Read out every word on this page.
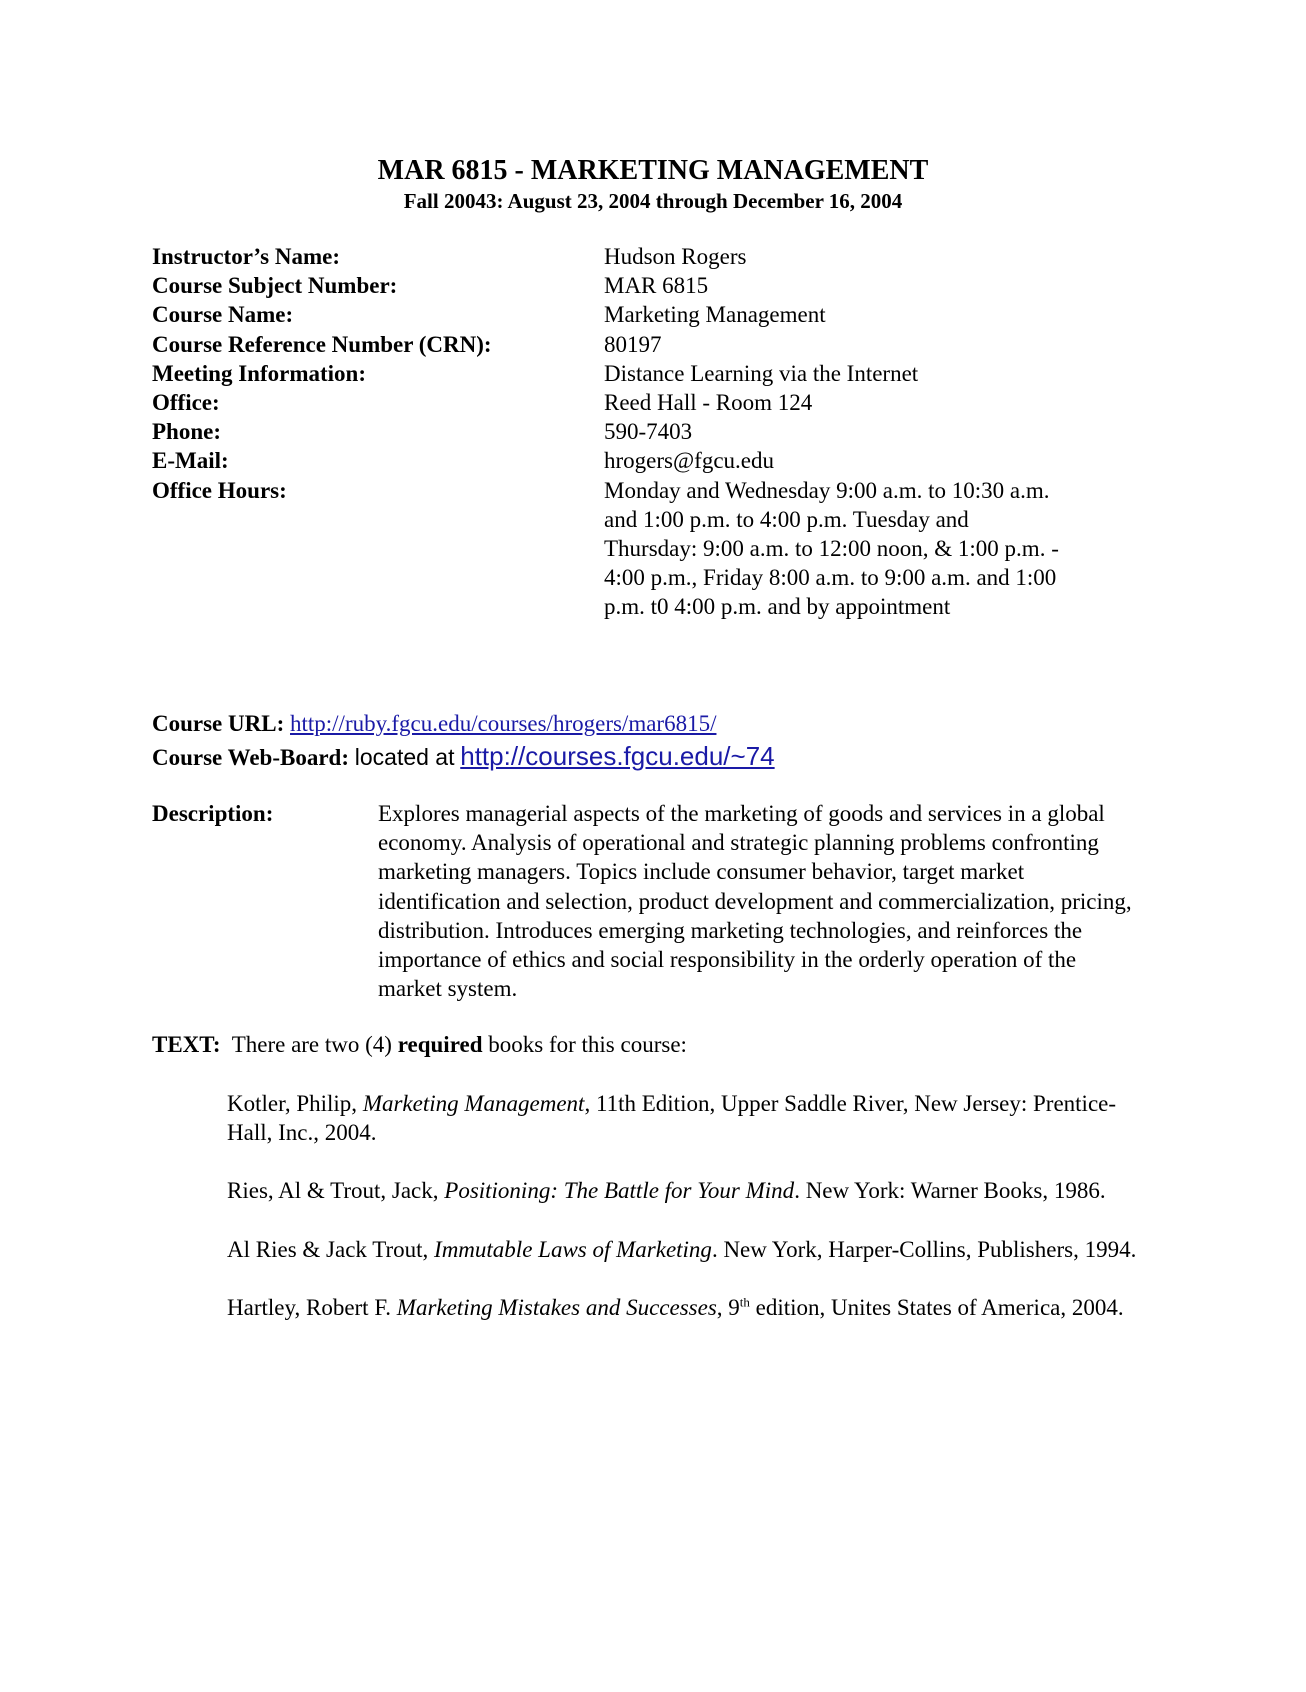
MAR 6815 - MARKETING MANAGEMENT
Fall 20043: August 23, 2004 through December 16, 2004
Instructor’s Name:	Hudson Rogers
Course Subject Number:	MAR 6815
Course Name:	Marketing Management
Course Reference Number (CRN):	80197
Meeting Information:	Distance Learning via the Internet
Office:	Reed Hall - Room 124
Phone:	590-7403
E-Mail:	hrogers@fgcu.edu
Office Hours:	Monday and Wednesday 9:00 a.m. to 10:30 a.m. and 1:00 p.m. to 4:00 p.m. Tuesday and Thursday: 9:00 a.m. to 12:00 noon, & 1:00 p.m. - 4:00 p.m., Friday 8:00 a.m. to 9:00 a.m. and 1:00 p.m. t0 4:00 p.m. and by appointment
Course URL: http://ruby.fgcu.edu/courses/hrogers/mar6815/
Course Web-Board: located at http://courses.fgcu.edu/~74
Description:	Explores managerial aspects of the marketing of goods and services in a global economy. Analysis of operational and strategic planning problems confronting marketing managers. Topics include consumer behavior, target market identification and selection, product development and commercialization, pricing, distribution. Introduces emerging marketing technologies, and reinforces the importance of ethics and social responsibility in the orderly operation of the market system.
TEXT: There are two (4) required books for this course:
Kotler, Philip, Marketing Management, 11th Edition, Upper Saddle River, New Jersey: Prentice-Hall, Inc., 2004.
Ries, Al & Trout, Jack, Positioning: The Battle for Your Mind. New York: Warner Books, 1986.
Al Ries & Jack Trout, Immutable Laws of Marketing. New York, Harper-Collins, Publishers, 1994.
Hartley, Robert F. Marketing Mistakes and Successes, 9th edition, Unites States of America, 2004.
